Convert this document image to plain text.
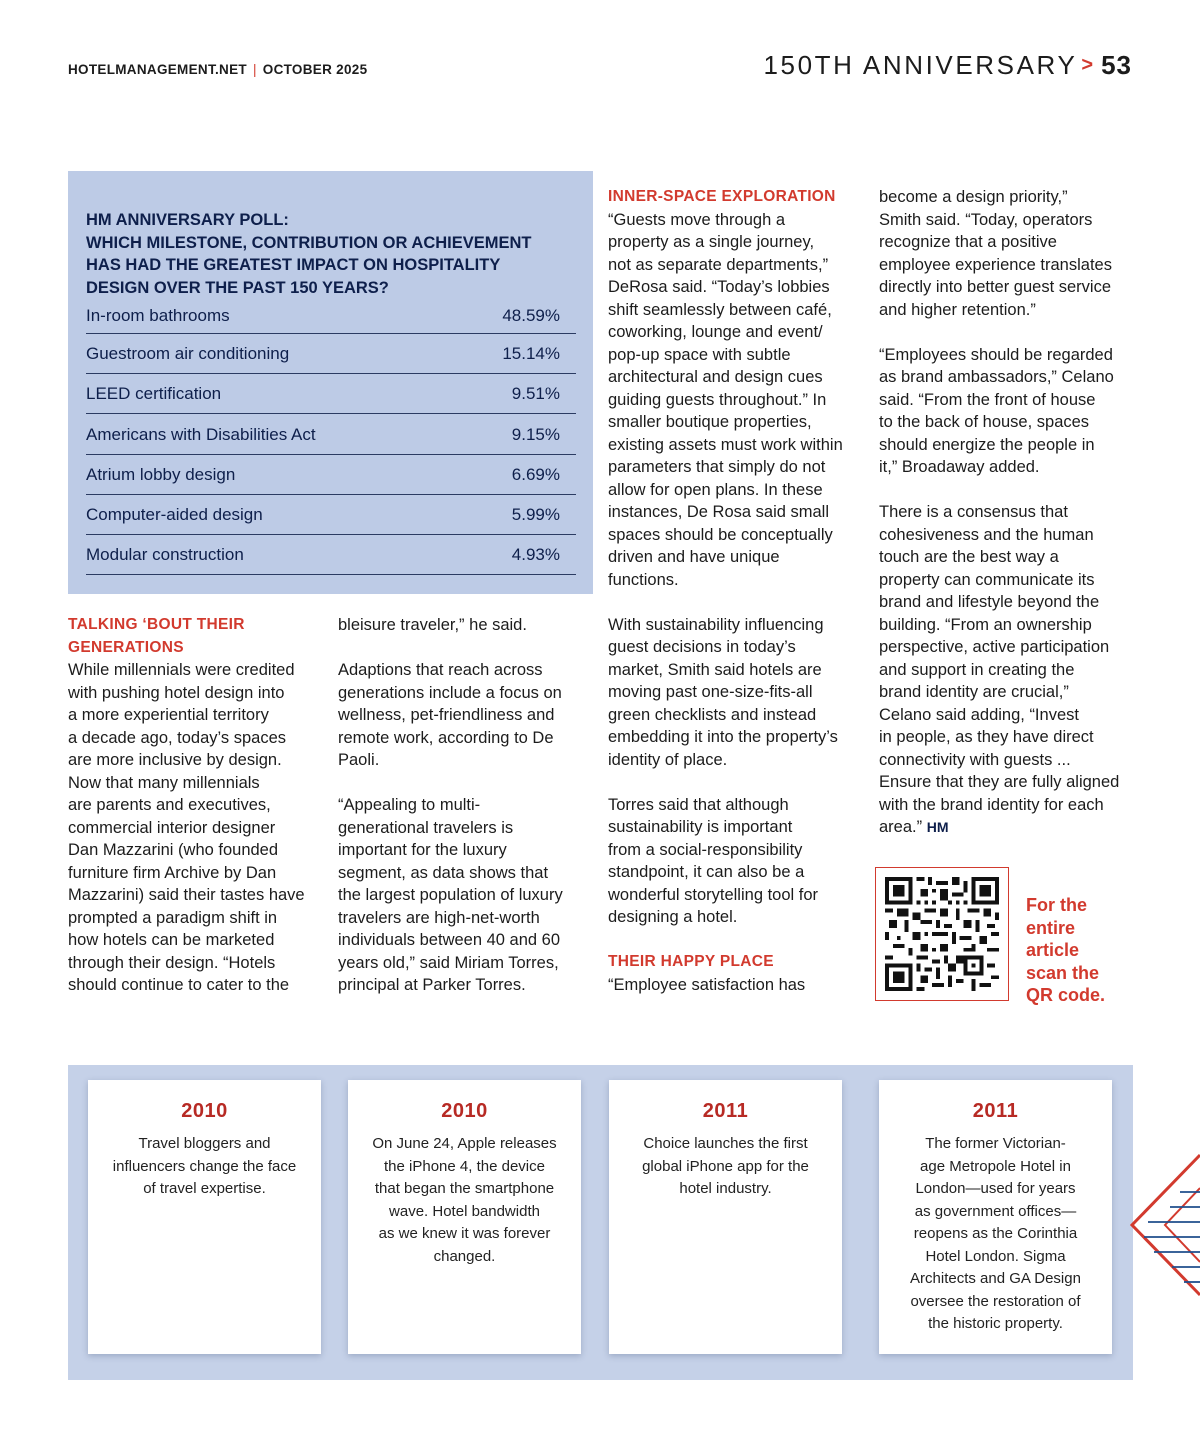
HOTELMANAGEMENT.NET | OCTOBER 2025	150TH ANNIVERSARY > 53
HM ANNIVERSARY POLL:
WHICH MILESTONE, CONTRIBUTION OR ACHIEVEMENT
HAS HAD THE GREATEST IMPACT ON HOSPITALITY
DESIGN OVER THE PAST 150 YEARS?
In-room bathrooms	48.59%
Guestroom air conditioning	15.14%
LEED certification	9.51%
Americans with Disabilities Act	9.15%
Atrium lobby design	6.69%
Computer-aided design	5.99%
Modular construction	4.93%
TALKING ‘BOUT THEIR
GENERATIONS
While millennials were credited
with pushing hotel design into
a more experiential territory
a decade ago, today’s spaces
are more inclusive by design.
Now that many millennials
are parents and executives,
commercial interior designer
Dan Mazzarini (who founded
furniture firm Archive by Dan
Mazzarini) said their tastes have
prompted a paradigm shift in
how hotels can be marketed
through their design. “Hotels
should continue to cater to the
bleisure traveler,” he said.
Adaptions that reach across
generations include a focus on
wellness, pet-friendliness and
remote work, according to De
Paoli.
“Appealing to multi-
generational travelers is
important for the luxury
segment, as data shows that
the largest population of luxury
travelers are high-net-worth
individuals between 40 and 60
years old,” said Miriam Torres,
principal at Parker Torres.
INNER-SPACE EXPLORATION
“Guests move through a
property as a single journey,
not as separate departments,”
DeRosa said. “Today’s lobbies
shift seamlessly between café,
coworking, lounge and event/
pop-up space with subtle
architectural and design cues
guiding guests throughout.” In
smaller boutique properties,
existing assets must work within
parameters that simply do not
allow for open plans. In these
instances, De Rosa said small
spaces should be conceptually
driven and have unique
functions.
With sustainability influencing
guest decisions in today’s
market, Smith said hotels are
moving past one-size-fits-all
green checklists and instead
embedding it into the property’s
identity of place.
Torres said that although
sustainability is important
from a social-responsibility
standpoint, it can also be a
wonderful storytelling tool for
designing a hotel.
THEIR HAPPY PLACE
“Employee satisfaction has
become a design priority,”
Smith said. “Today, operators
recognize that a positive
employee experience translates
directly into better guest service
and higher retention.”
“Employees should be regarded
as brand ambassadors,” Celano
said. “From the front of house
to the back of house, spaces
should energize the people in
it,” Broadaway added.
There is a consensus that
cohesiveness and the human
touch are the best way a
property can communicate its
brand and lifestyle beyond the
building. “From an ownership
perspective, active participation
and support in creating the
brand identity are crucial,”
Celano said adding, “Invest
in people, as they have direct
connectivity with guests ...
Ensure that they are fully aligned
with the brand identity for each
area.” HM
For the
entire
article
scan the
QR code.
2010
Travel bloggers and
influencers change the face
of travel expertise.
2010
On June 24, Apple releases
the iPhone 4, the device
that began the smartphone
wave. Hotel bandwidth
as we knew it was forever
changed.
2011
Choice launches the first
global iPhone app for the
hotel industry.
2011
The former Victorian-
age Metropole Hotel in
London—used for years
as government offices—
reopens as the Corinthia
Hotel London. Sigma
Architects and GA Design
oversee the restoration of
the historic property.
